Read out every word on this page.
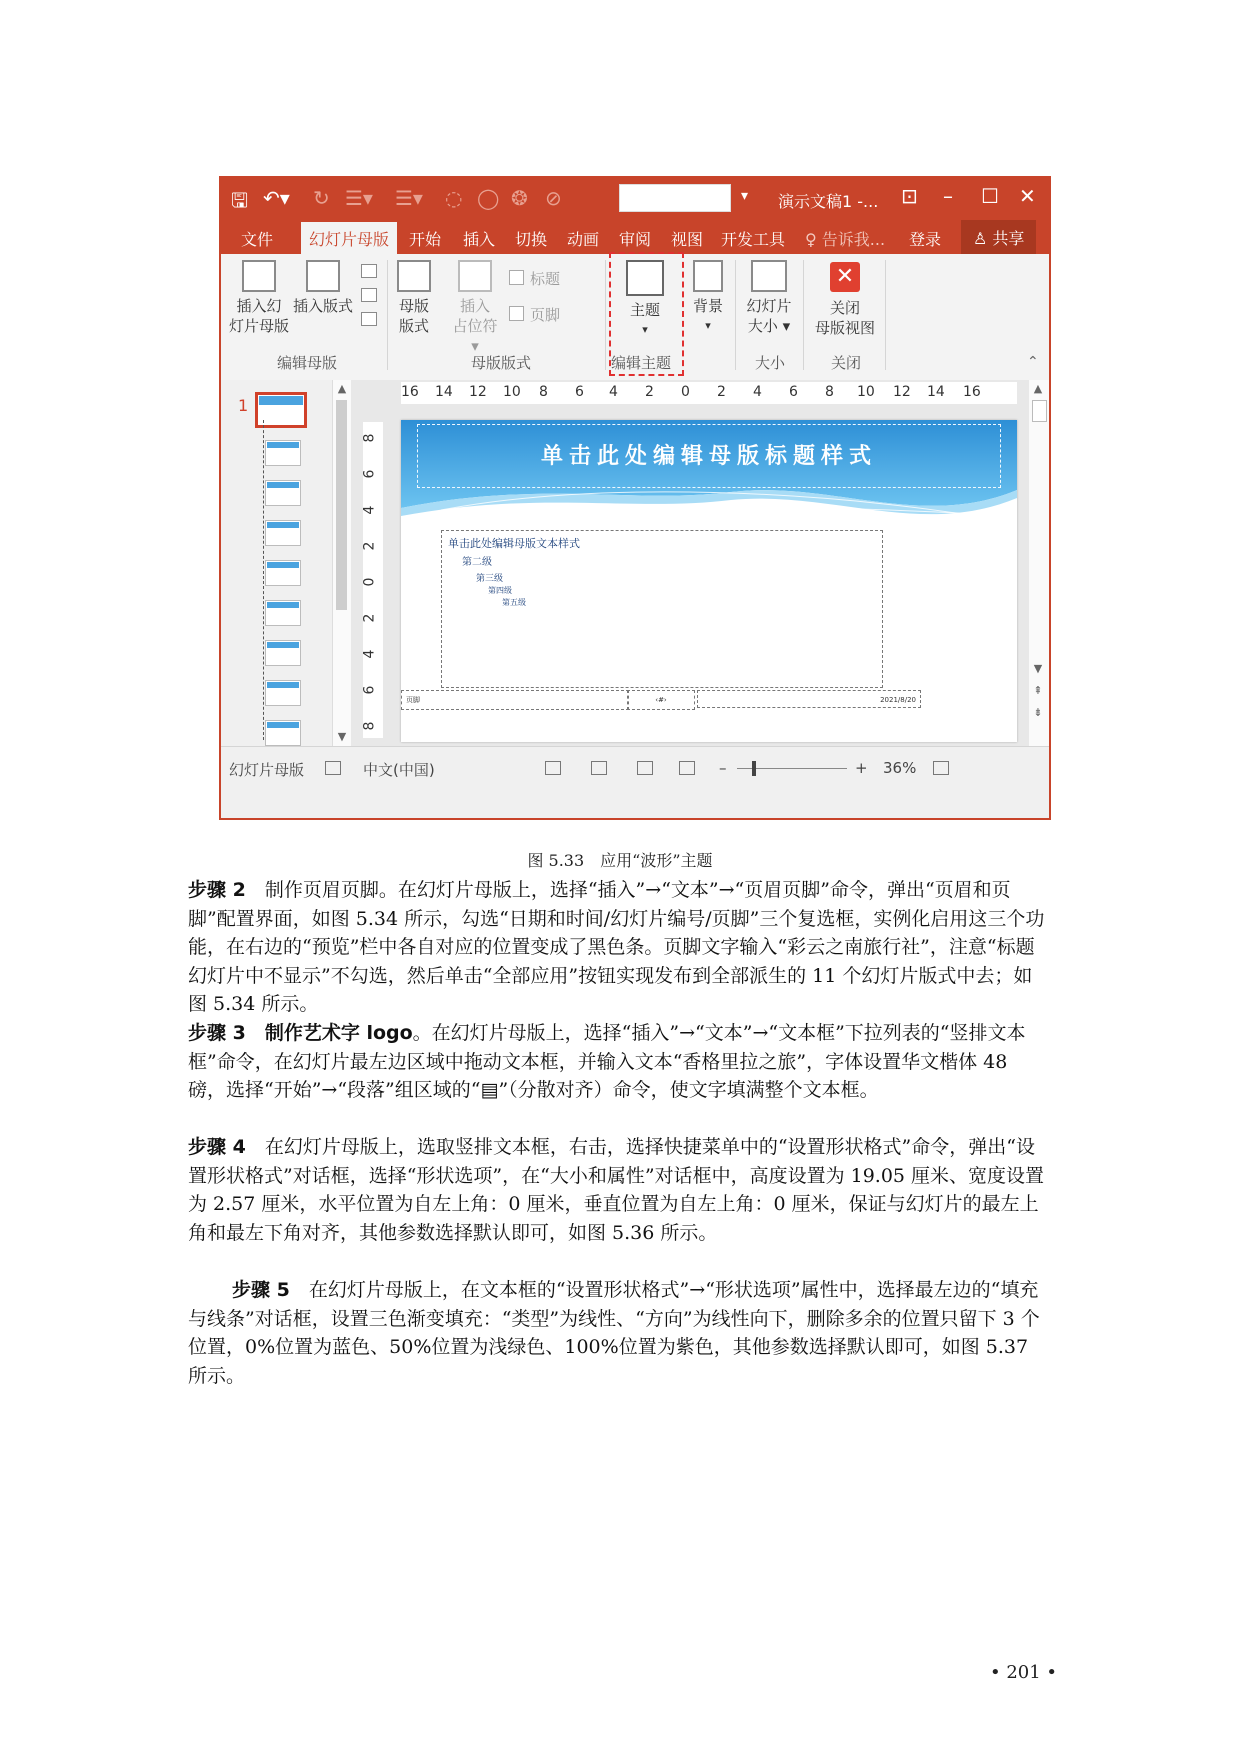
🖫 ↶▾ ↻ ☰▾ ☰▾ ◌ ◯ ❂ ⊘	▾ 演示文稿1 -... ⊡ – ☐ ✕
文件	幻灯片母版	开始 插入 切换 动画 审阅 视图 开发工具 ♀ 告诉我... 登录	♙ 共享
插入幻
灯片母版
插入版式
编辑母版
母版
版式
插入
占位符 ▾
标题
页脚
母版版式
主题
▾
编辑主题
背景
▾
幻灯片
大小 ▾
大小
✕
关闭
母版视图
关闭	⌃
1
▲
▼
16 14 12 10 8 6 4 2 0 2 4 6 8 10 12 14 16
8
6
4
2
0
2
4
6
8
单击此处编辑母版标题样式
单击此处编辑母版文本样式
第二级
第三级
第四级
第五级
页脚	‹#›	2021/8/20
▲
▼
⇞
⇟
幻灯片母版	中文(中国)	–	+ 36%
图 5.33　应用“波形”主题
步骤 2　制作页眉页脚。在幻灯片母版上，选择“插入”→“文本”→“页眉页脚”命令，弹出“页眉和页脚”配置界面，如图 5.34 所示，勾选“日期和时间/幻灯片编号/页脚”三个复选框，实例化启用这三个功能，在右边的“预览”栏中各自对应的位置变成了黑色条。页脚文字输入“彩云之南旅行社”，注意“标题幻灯片中不显示”不勾选，然后单击“全部应用”按钮实现发布到全部派生的 11 个幻灯片版式中去；如图 5.34 所示。
步骤 3　制作艺术字 logo。在幻灯片母版上，选择“插入”→“文本”→“文本框”下拉列表的“竖排文本框”命令，在幻灯片最左边区域中拖动文本框，并输入文本“香格里拉之旅”，字体设置华文楷体 48 磅，选择“开始”→“段落”组区域的“▤”（分散对齐）命令，使文字填满整个文本框。
步骤 4　在幻灯片母版上，选取竖排文本框，右击，选择快捷菜单中的“设置形状格式”命令，弹出“设置形状格式”对话框，选择“形状选项”，在“大小和属性”对话框中，高度设置为 19.05 厘米、宽度设置为 2.57 厘米，水平位置为自左上角：0 厘米，垂直位置为自左上角：0 厘米，保证与幻灯片的最左上角和最左下角对齐，其他参数选择默认即可，如图 5.36 所示。
步骤 5　在幻灯片母版上，在文本框的“设置形状格式”→“形状选项”属性中，选择最左边的“填充与线条”对话框，设置三色渐变填充：“类型”为线性、“方向”为线性向下，删除多余的位置只留下 3 个位置，0%位置为蓝色、50%位置为浅绿色、100%位置为紫色，其他参数选择默认即可，如图 5.37 所示。
• 201 •
